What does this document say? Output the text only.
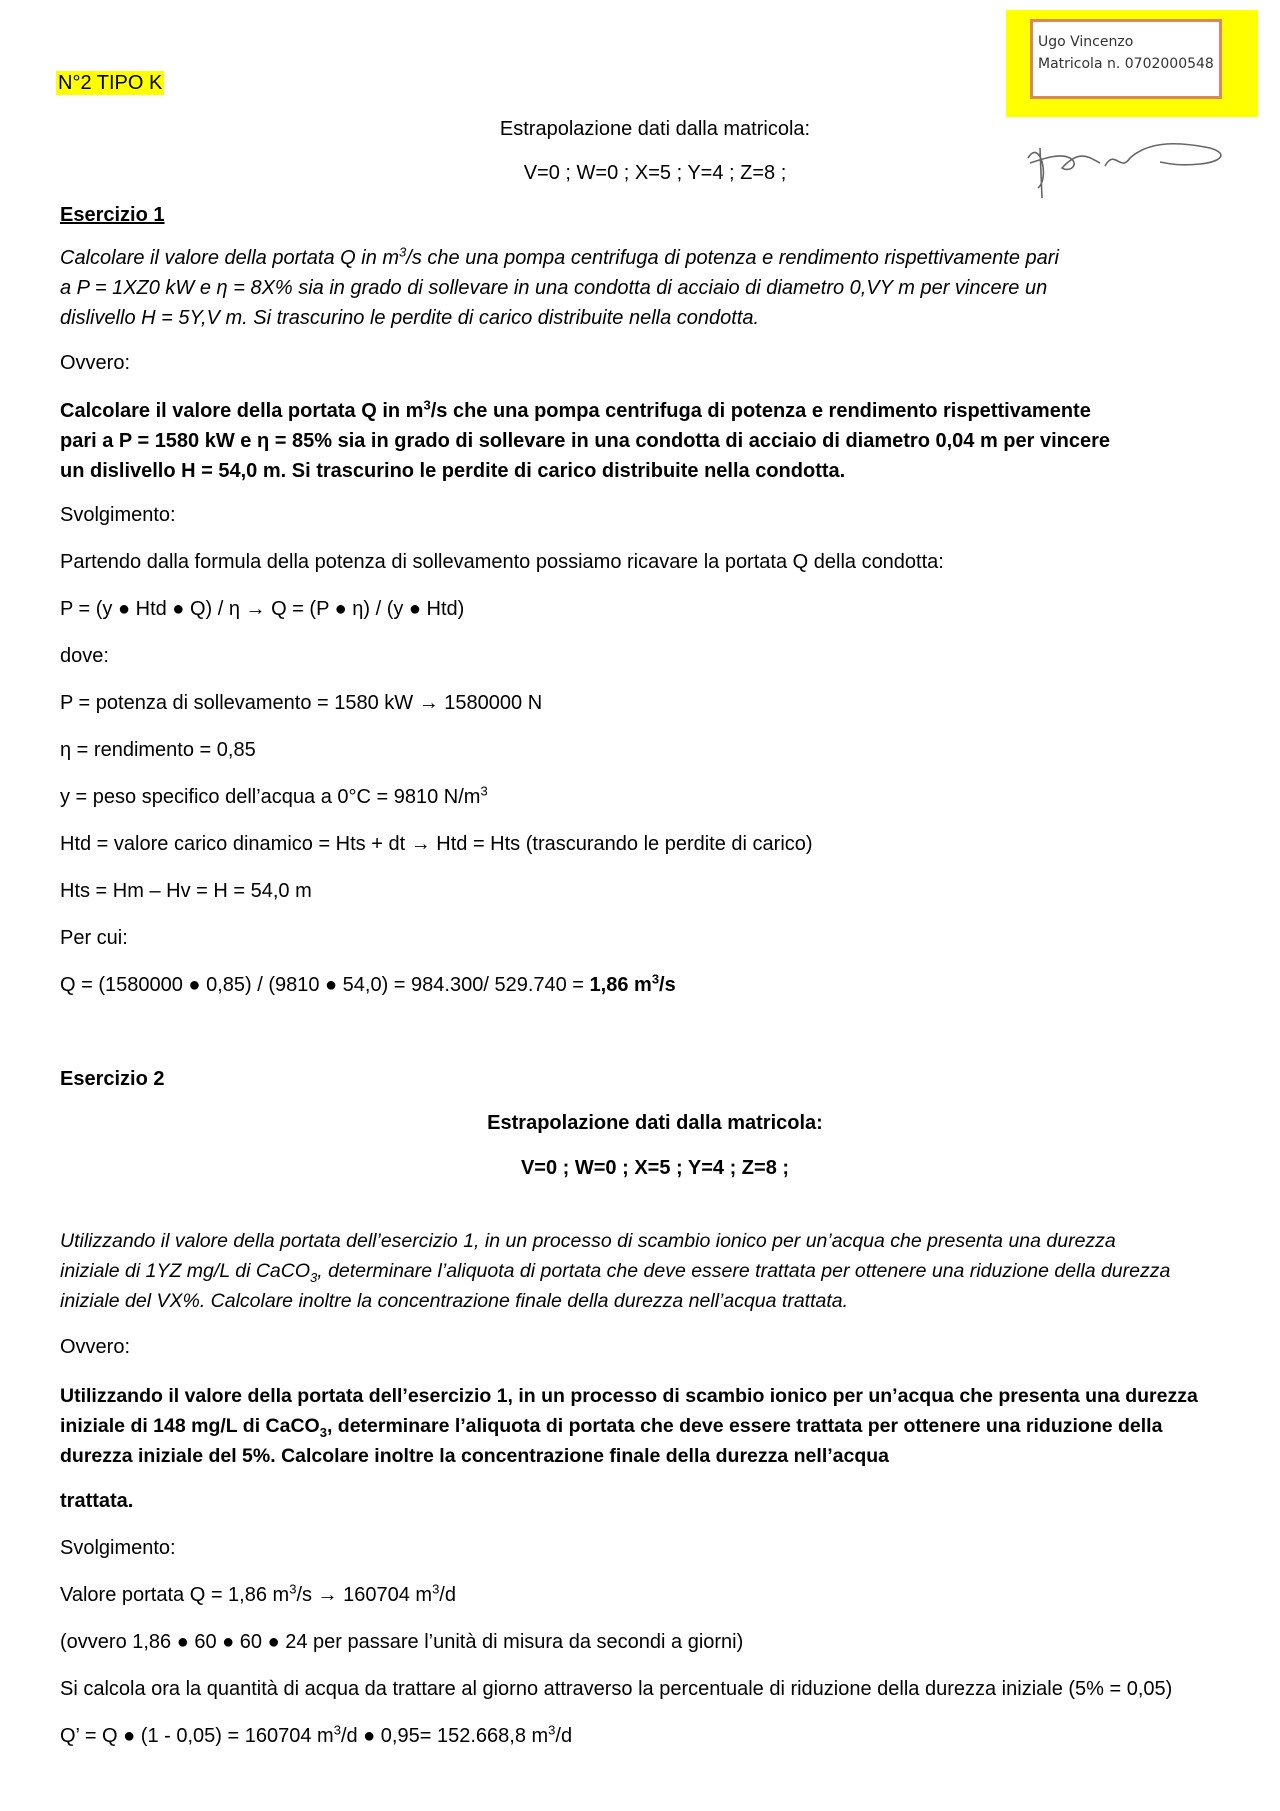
N°2 TIPO K
Ugo Vincenzo
Matricola n. 0702000548
Estrapolazione dati dalla matricola:
V=0 ; W=0 ; X=5 ; Y=4 ; Z=8 ;
Esercizio 1

Calcolare il valore della portata Q in $m^3/s$ che una pompa centrifuga di potenza e rendimento rispettivamente pari

a P = 1XZ0 kW e η = 8X% sia in grado di sollevare in una condotta di acciaio di diametro 0,VY m per vincere un

dislivello H = 5Y,V m. Si trascurino le perdite di carico distribuite nella condotta.

Ovvero:

Calcolare il valore della portata Q in $m^3/s$ che una pompa centrifuga di potenza e rendimento rispettivamente

pari a P = 1580 kW e η = 85% sia in grado di sollevare in una condotta di acciaio di diametro 0,04 m per vincere

un dislivello H = 54,0 m. Si trascurino le perdite di carico distribuite nella condotta.

Svolgimento:
Partendo dalla formula della potenza di sollevamento possiamo ricavare la portata Q della condotta:
P = (y ● Htd ● Q) / η → Q = (P ● η) / (y ● Htd)
dove:
P = potenza di sollevamento = 1580 kW → 1580000 N
η = rendimento = 0,85
y = peso specifico dell’acqua a 0°C = 9810 $N/m^3$
Htd = valore carico dinamico = Hts + dt → Htd = Hts (trascurando le perdite di carico)
Hts = Hm – Hv = H = 54,0 m
Per cui:
Q = (1580000 ● 0,85) / (9810 ● 54,0) = 984.300/ 529.740 = 1,86 $m^3/s$
Esercizio 2
Estrapolazione dati dalla matricola:
V=0 ; W=0 ; X=5 ; Y=4 ; Z=8 ;

Utilizzando il valore della portata dell’esercizio 1, in un processo di scambio ionico per un’acqua che presenta una durezza

iniziale di 1YZ mg/L di CaCO$_3$, determinare l’aliquota di portata che deve essere trattata per ottenere una riduzione della durezza

iniziale del VX%. Calcolare inoltre la concentrazione finale della durezza nell’acqua trattata.

Ovvero:

Utilizzando il valore della portata dell’esercizio 1, in un processo di scambio ionico per un’acqua che presenta una durezza

iniziale di 148 mg/L di CaCO$_3$, determinare l’aliquota di portata che deve essere trattata per ottenere una riduzione della

durezza iniziale del 5%. Calcolare inoltre la concentrazione finale della durezza nell’acqua

trattata.
Svolgimento:
Valore portata Q = 1,86 $m^3/s \to 160704$ $m^3/d$
(ovvero 1,86 ● 60 ● 60 ● 24 per passare l’unità di misura da secondi a giorni)
Si calcola ora la quantità di acqua da trattare al giorno attraverso la percentuale di riduzione della durezza iniziale (5% = 0,05)
Q’ = Q ● (1 - 0,05) = 160704 $m^3/d$ ● 0,95= 152.668,8 $m^3/d$
